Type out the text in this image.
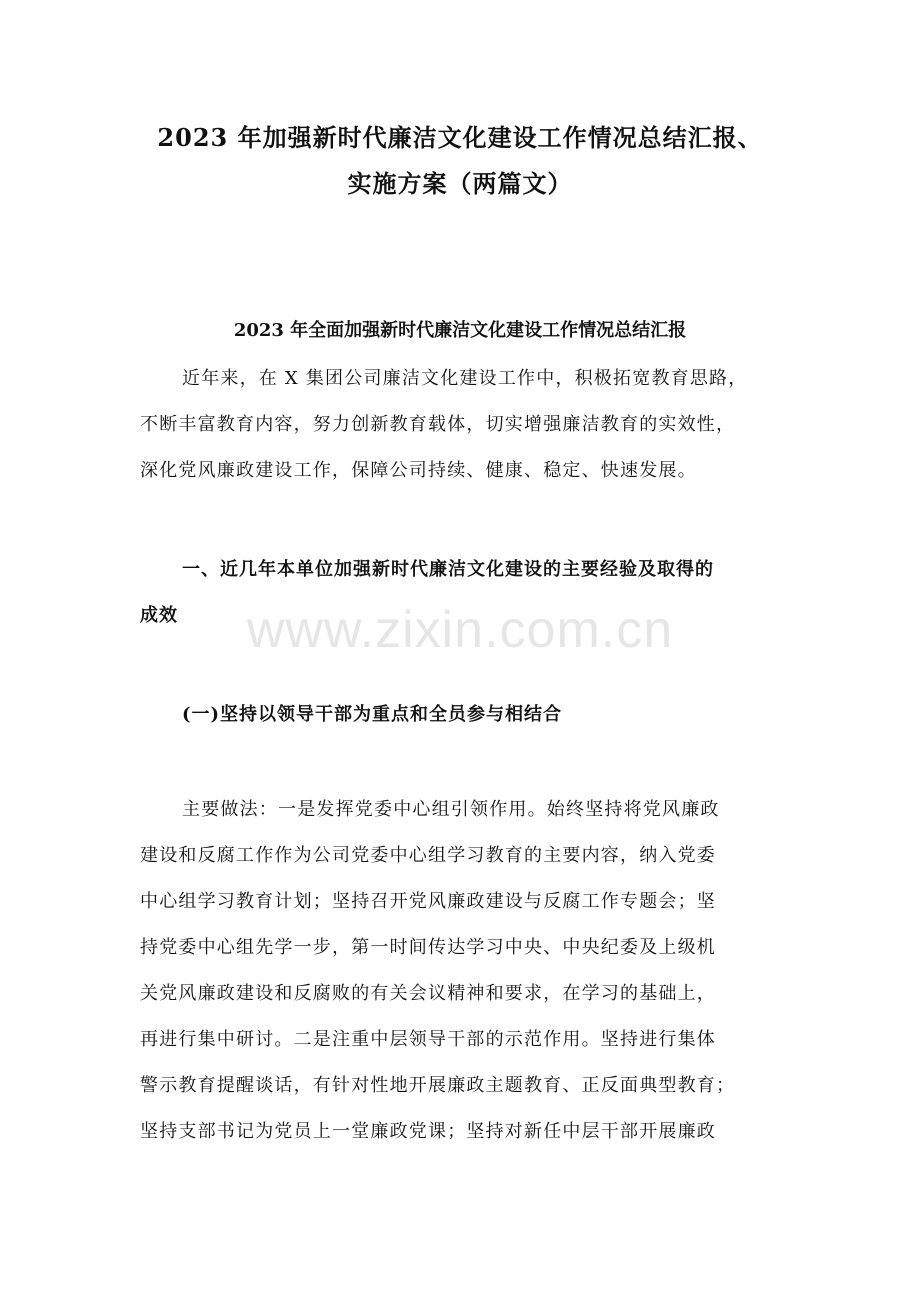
2023 年加强新时代廉洁文化建设工作情况总结汇报、
实施方案（两篇文）
2023 年全面加强新时代廉洁文化建设工作情况总结汇报
近年来，在 X 集团公司廉洁文化建设工作中，积极拓宽教育思路，
不断丰富教育内容，努力创新教育载体，切实增强廉洁教育的实效性，
深化党风廉政建设工作，保障公司持续、健康、稳定、快速发展。
一、近几年本单位加强新时代廉洁文化建设的主要经验及取得的
成效
(一)坚持以领导干部为重点和全员参与相结合
主要做法：一是发挥党委中心组引领作用。始终坚持将党风廉政
建设和反腐工作作为公司党委中心组学习教育的主要内容，纳入党委
中心组学习教育计划；坚持召开党风廉政建设与反腐工作专题会；坚
持党委中心组先学一步，第一时间传达学习中央、中央纪委及上级机
关党风廉政建设和反腐败的有关会议精神和要求，在学习的基础上，
再进行集中研讨。二是注重中层领导干部的示范作用。坚持进行集体
警示教育提醒谈话，有针对性地开展廉政主题教育、正反面典型教育；
坚持支部书记为党员上一堂廉政党课；坚持对新任中层干部开展廉政
www.zixin.com.cn
